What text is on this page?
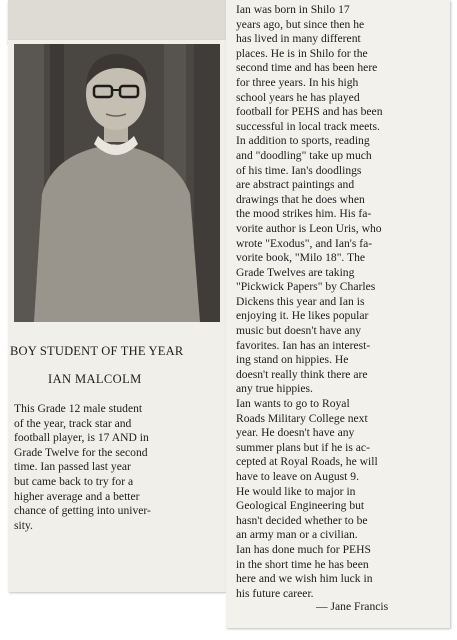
BOY STUDENT OF THE YEAR
IAN MALCOLM
This Grade 12 male student
of the year, track star and
football player, is 17 AND in
Grade Twelve for the second
time. Ian passed last year
but came back to try for a
higher average and a better
chance of getting into univer-
sity.
Ian was born in Shilo 17
years ago, but since then he
has lived in many different
places. He is in Shilo for the
second time and has been here
for three years. In his high
school years he has played
football for PEHS and has been
successful in local track meets.
In addition to sports, reading
and "doodling" take up much
of his time. Ian's doodlings
are abstract paintings and
drawings that he does when
the mood strikes him. His fa-
vorite author is Leon Uris, who
wrote "Exodus", and Ian's fa-
vorite book, "Milo 18". The
Grade Twelves are taking
"Pickwick Papers" by Charles
Dickens this year and Ian is
enjoying it. He likes popular
music but doesn't have any
favorites. Ian has an interest-
ing stand on hippies. He
doesn't really think there are
any true hippies.
Ian wants to go to Royal
Roads Military College next
year. He doesn't have any
summer plans but if he is ac-
cepted at Royal Roads, he will
have to leave on August 9.
He would like to major in
Geological Engineering but
hasn't decided whether to be
an army man or a civilian.
Ian has done much for PEHS
in the short time he has been
here and we wish him luck in
his future career.
— Jane Francis
